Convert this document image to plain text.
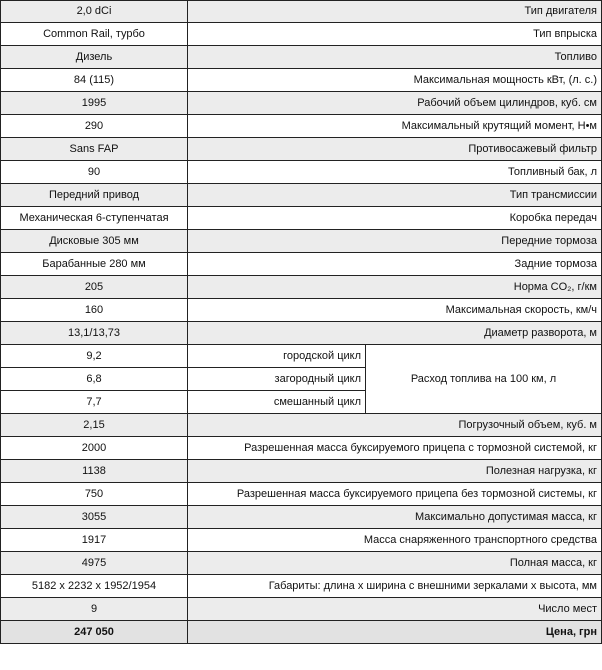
2,0 dCi	Тип двигателя	
Common Rail, турбо	Тип впрыска	
Дизель	Топливо	
84 (115)	Максимальная мощность кВт, (л. с.)	
1995	Рабочий объем цилиндров, куб. см	
290	Максимальный крутящий момент, Н•м	
Sans FAP	Противосажевый фильтр	
90	Топливный бак, л	
Передний привод	Тип трансмиссии	
Механическая 6-ступенчатая	Коробка передач	
Дисковые 305 мм	Передние тормоза	
Барабанные 280 мм	Задние тормоза	
205	Норма CO₂, г/км	
160	Максимальная скорость, км/ч	
13,1/13,73	Диаметр разворота, м	
9,2	городской цикл	Расход топлива на 100 км, л
6,8	загородный цикл	
7,7	смешанный цикл	
2,15	Погрузочный объем, куб. м	
2000	Разрешенная масса буксируемого прицепа с тормозной системой, кг	
1138	Полезная нагрузка, кг	
750	Разрешенная масса буксируемого прицепа без тормозной системы, кг	
3055	Максимально допустимая масса, кг	
1917	Масса снаряженного транспортного средства	
4975	Полная масса, кг	
5182 x 2232 x 1952/1954	Габариты: длина x ширина с внешними зеркалами x высота, мм	
9	Число мест	
247 050	Цена, грн	
